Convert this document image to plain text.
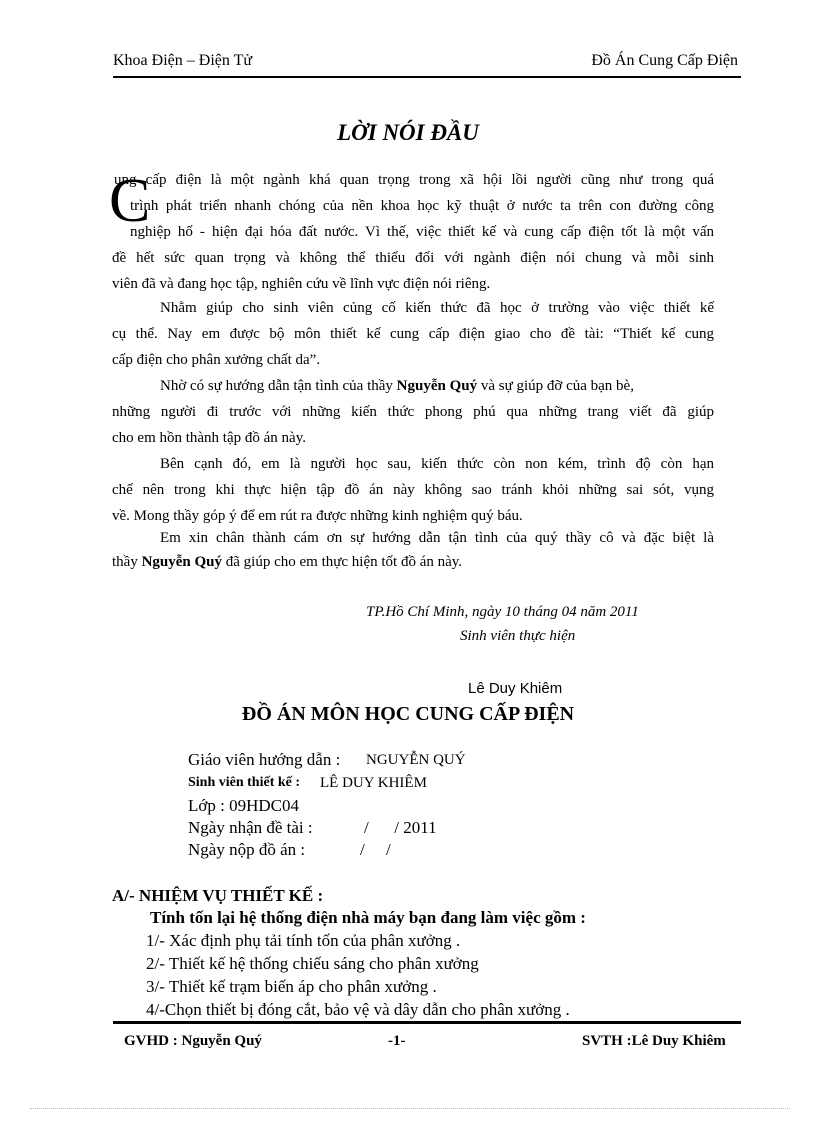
Khoa Điện – Điện Tử	Đồ Án Cung Cấp Điện
LỜI NÓI ĐẦU
C
ung cấp điện là một ngành khá quan trọng trong xã hội lồi người cũng như trong quá
trình phát triển nhanh chóng của nền khoa học kỹ thuật ở nước ta trên con đường công
nghiệp hố - hiện đại hóa đất nước. Vì thế, việc thiết kế và cung cấp điện tốt là một vấn
đề hết sức quan trọng và không thể thiếu đối với ngành điện nói chung và mỗi sinh
viên đã và đang học tập, nghiên cứu về lĩnh vực điện nói riêng.
Nhằm giúp cho sinh viên củng cố kiến thức đã học ở trường vào việc thiết kế
cụ thể. Nay em được bộ môn thiết kế cung cấp điện giao cho đề tài: “Thiết kế cung
cấp điện cho phân xưởng chất da”.
Nhờ có sự hướng dẫn tận tình của thầy Nguyễn Quý và sự giúp đỡ của bạn bè,
những người đi trước với những kiến thức phong phú qua những trang viết đã giúp
cho em hồn thành tập đồ án này.
Bên cạnh đó, em là người học sau, kiến thức còn non kém, trình độ còn hạn
chế nên trong khi thực hiện tập đồ án này không sao tránh khỏi những sai sót, vụng
về. Mong thầy góp ý để em rút ra được những kinh nghiệm quý báu.
Em xin chân thành cám ơn sự hướng dẫn tận tình của quý thầy cô và đặc biệt là
thầy Nguyễn Quý đã giúp cho em thực hiện tốt đồ án này.
TP.Hồ Chí Minh, ngày 10 tháng 04 năm 2011
Sinh viên thực hiện
Lê Duy Khiêm
ĐỒ ÁN MÔN HỌC CUNG CẤP ĐIỆN
Giáo viên hướng dẫn : NGUYỄN QUÝ
Sinh viên thiết kế : LÊ DUY KHIÊM
Lớp : 09HDC04
Ngày nhận đề tài :	/      / 2011
Ngày nộp đồ án :	/     /
A/- NHIỆM VỤ THIẾT KẾ :
Tính tốn lại hệ thống điện nhà máy bạn đang làm việc gồm :
1/- Xác định phụ tải tính tốn của phân xưởng .
2/- Thiết kế hệ thống chiếu sáng cho phân xưởng
3/- Thiết kế trạm biến áp cho phân xưởng .
4/-Chọn thiết bị đóng cắt, bảo vệ và dây dẫn cho phân xưởng .
GVHD : Nguyễn Quý	-1-	SVTH :Lê Duy Khiêm
